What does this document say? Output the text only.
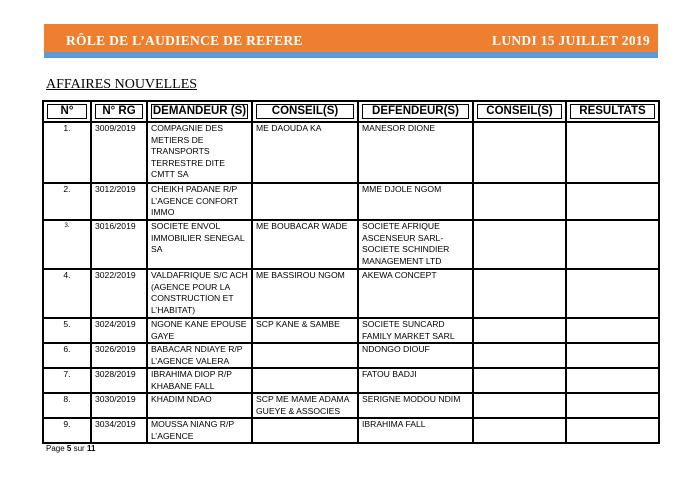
RÔLE DE L’AUDIENCE DE REFERE	LUNDI 15 JUILLET 2019
AFFAIRES NOUVELLES
N°	N° RG	DEMANDEUR (S)	CONSEIL(S)	DEFENDEUR(S)	CONSEIL(S)	RESULTATS

1.	3009/2019	COMPAGNIE DES METIERS DE TRANSPORTS TERRESTRE DITE CMTT SA	ME DAOUDA KA	MANESOR DIONE		
2.	3012/2019	CHEIKH PADANE R/P L’AGENCE CONFORT IMMO		MME DJOLE NGOM		
3.	3016/2019	SOCIETE ENVOL IMMOBILIER SENEGAL SA	ME BOUBACAR WADE	SOCIETE AFRIQUE ASCENSEUR SARL-SOCIETE SCHINDIER MANAGEMENT LTD		
4.	3022/2019	VALDAFRIQUE S/C ACH (AGENCE POUR LA CONSTRUCTION ET L’HABITAT)	ME BASSIROU NGOM	AKEWA CONCEPT		
5.	3024/2019	NGONE KANE EPOUSE GAYE	SCP KANE & SAMBE	SOCIETE SUNCARD FAMILY MARKET SARL		
6.	3026/2019	BABACAR NDIAYE R/P L’AGENCE VALERA		NDONGO DIOUF		
7.	3028/2019	IBRAHIMA DIOP R/P KHABANE FALL		FATOU BADJI		
8.	3030/2019	KHADIM NDAO	SCP ME MAME ADAMA GUEYE & ASSOCIES	SERIGNE MODOU NDIM		
9.	3034/2019	MOUSSA NIANG R/P L’AGENCE		IBRAHIMA FALL		
Page 5 sur 11
